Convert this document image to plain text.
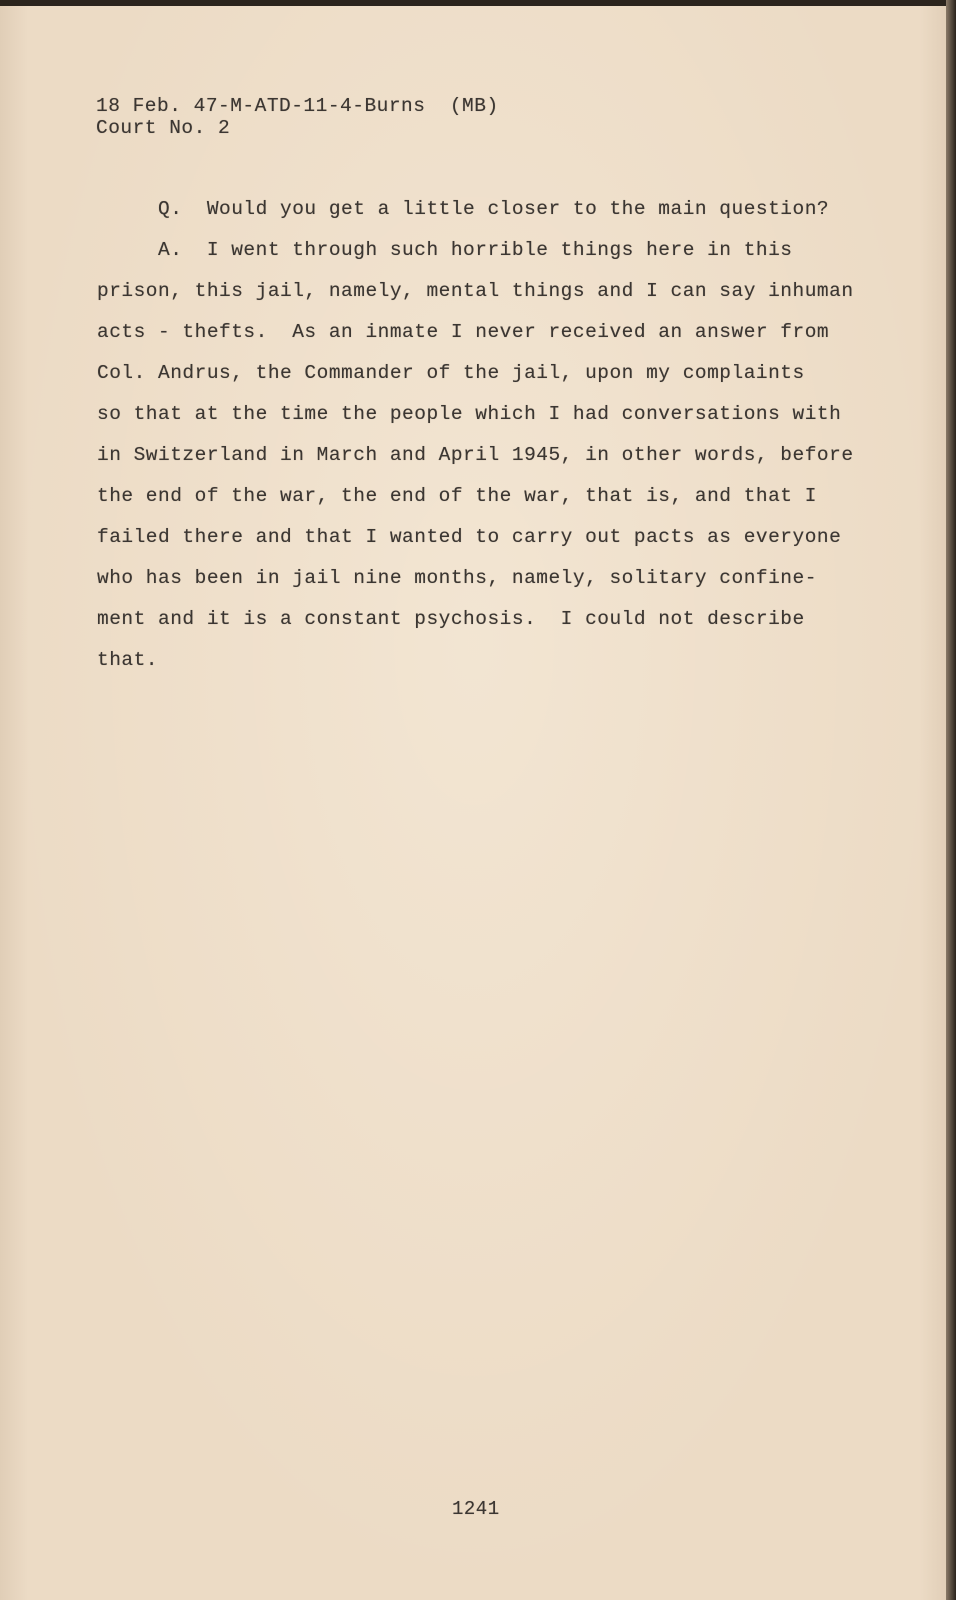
18 Feb. 47-M-ATD-11-4-Burns  (MB)
Court No. 2
Q.  Would you get a little closer to the main question?
A.  I went through such horrible things here in this
prison, this jail, namely, mental things and I can say inhuman
acts - thefts.  As an inmate I never received an answer from
Col. Andrus, the Commander of the jail, upon my complaints
so that at the time the people which I had conversations with
in Switzerland in March and April 1945, in other words, before
the end of the war, the end of the war, that is, and that I
failed there and that I wanted to carry out pacts as everyone
who has been in jail nine months, namely, solitary confine-
ment and it is a constant psychosis.  I could not describe
that.
1241
